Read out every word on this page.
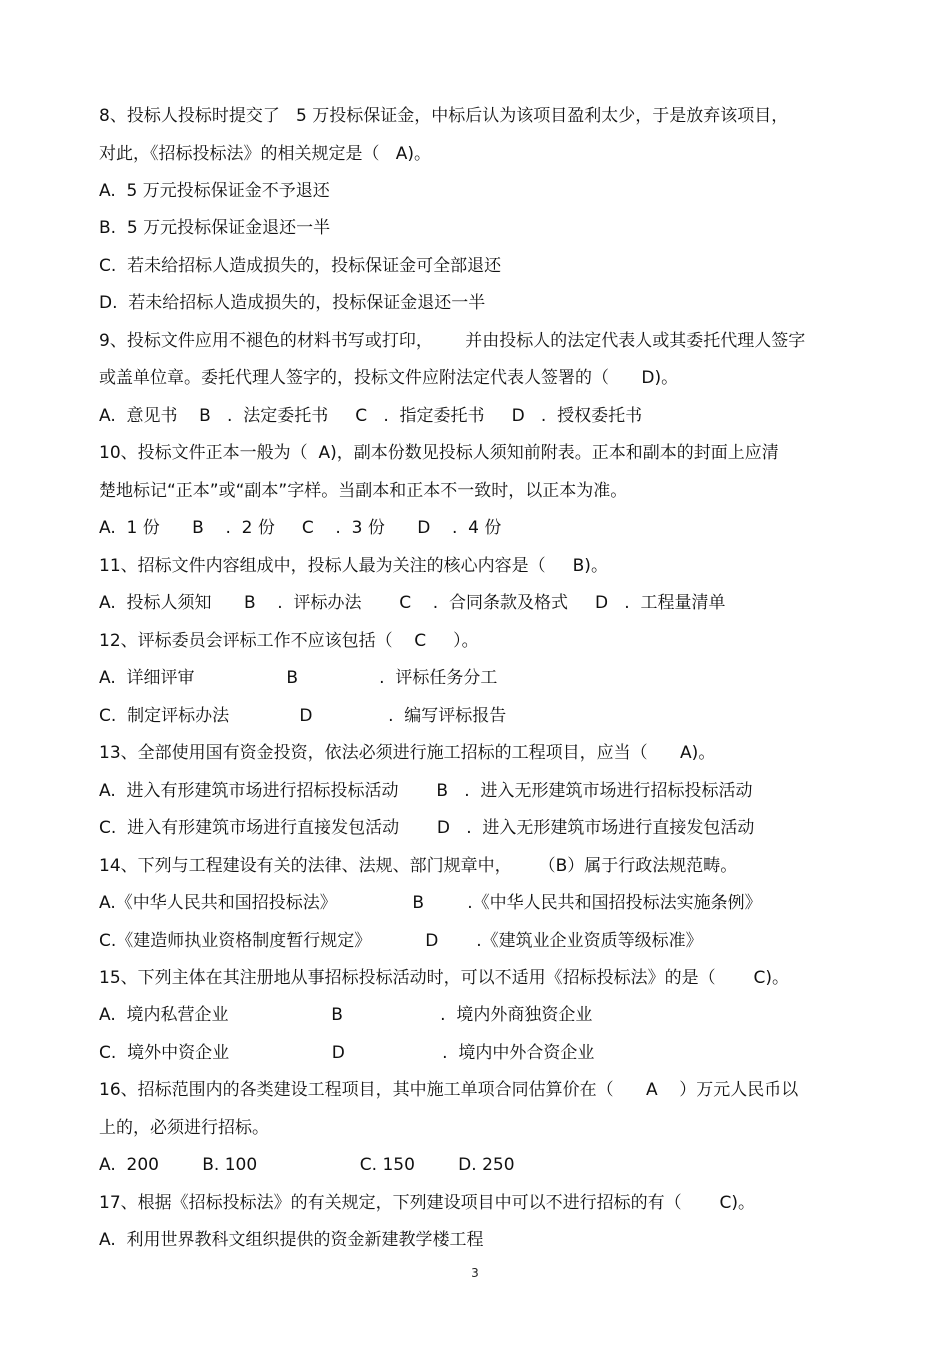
8、投标人投标时提交了   5 万投标保证金，中标后认为该项目盈利太少，于是放弃该项目，

对此，《招标投标法》的相关规定是（   A)。

A.  5 万元投标保证金不予退还

B.  5 万元投标保证金退还一半

C.  若未给招标人造成损失的，投标保证金可全部退还

D.  若未给招标人造成损失的，投标保证金退还一半

9、投标文件应用不褪色的材料书写或打印，      并由投标人的法定代表人或其委托代理人签字

或盖单位章。委托代理人签字的，投标文件应附法定代表人签署的（      D)。

A.  意见书    B   .  法定委托书     C   .  指定委托书     D   .  授权委托书

10、投标文件正本一般为（  A)，副本份数见投标人须知前附表。正本和副本的封面上应清

楚地标记“正本”或“副本”字样。当副本和正本不一致时，以正本为准。

A.  1 份      B    .  2 份     C    .  3 份      D    .  4 份

11、招标文件内容组成中，投标人最为关注的核心内容是（     B)。

A.  投标人须知      B    .  评标办法       C    .  合同条款及格式     D   .  工程量清单

12、评标委员会评标工作不应该包括（    C     ）。

A.  详细评审                 B               .  评标任务分工

C.  制定评标办法             D              .  编写评标报告

13、全部使用国有资金投资，依法必须进行施工招标的工程项目，应当（      A)。

A.  进入有形建筑市场进行招标投标活动       B   .  进入无形建筑市场进行招标投标活动

C.  进入有形建筑市场进行直接发包活动       D   .  进入无形建筑市场进行直接发包活动

14、下列与工程建设有关的法律、法规、部门规章中，     （B）属于行政法规范畴。

A.《中华人民共和国招投标法》              B        .《中华人民共和国招投标法实施条例》

C.《建造师执业资格制度暂行规定》          D       .《建筑业企业资质等级标准》

15、下列主体在其注册地从事招标投标活动时，可以不适用《招标投标法》的是（       C)。

A.  境内私营企业                   B                  .  境内外商独资企业

C.  境外中资企业                   D                  .  境内中外合资企业

16、招标范围内的各类建设工程项目，其中施工单项合同估算价在（      A    ）万元人民币以

上的，必须进行招标。

A.  200        B. 100                   C. 150        D. 250

17、根据《招标投标法》的有关规定，下列建设项目中可以不进行招标的有（       C)。

A.  利用世界教科文组织提供的资金新建教学楼工程

3
